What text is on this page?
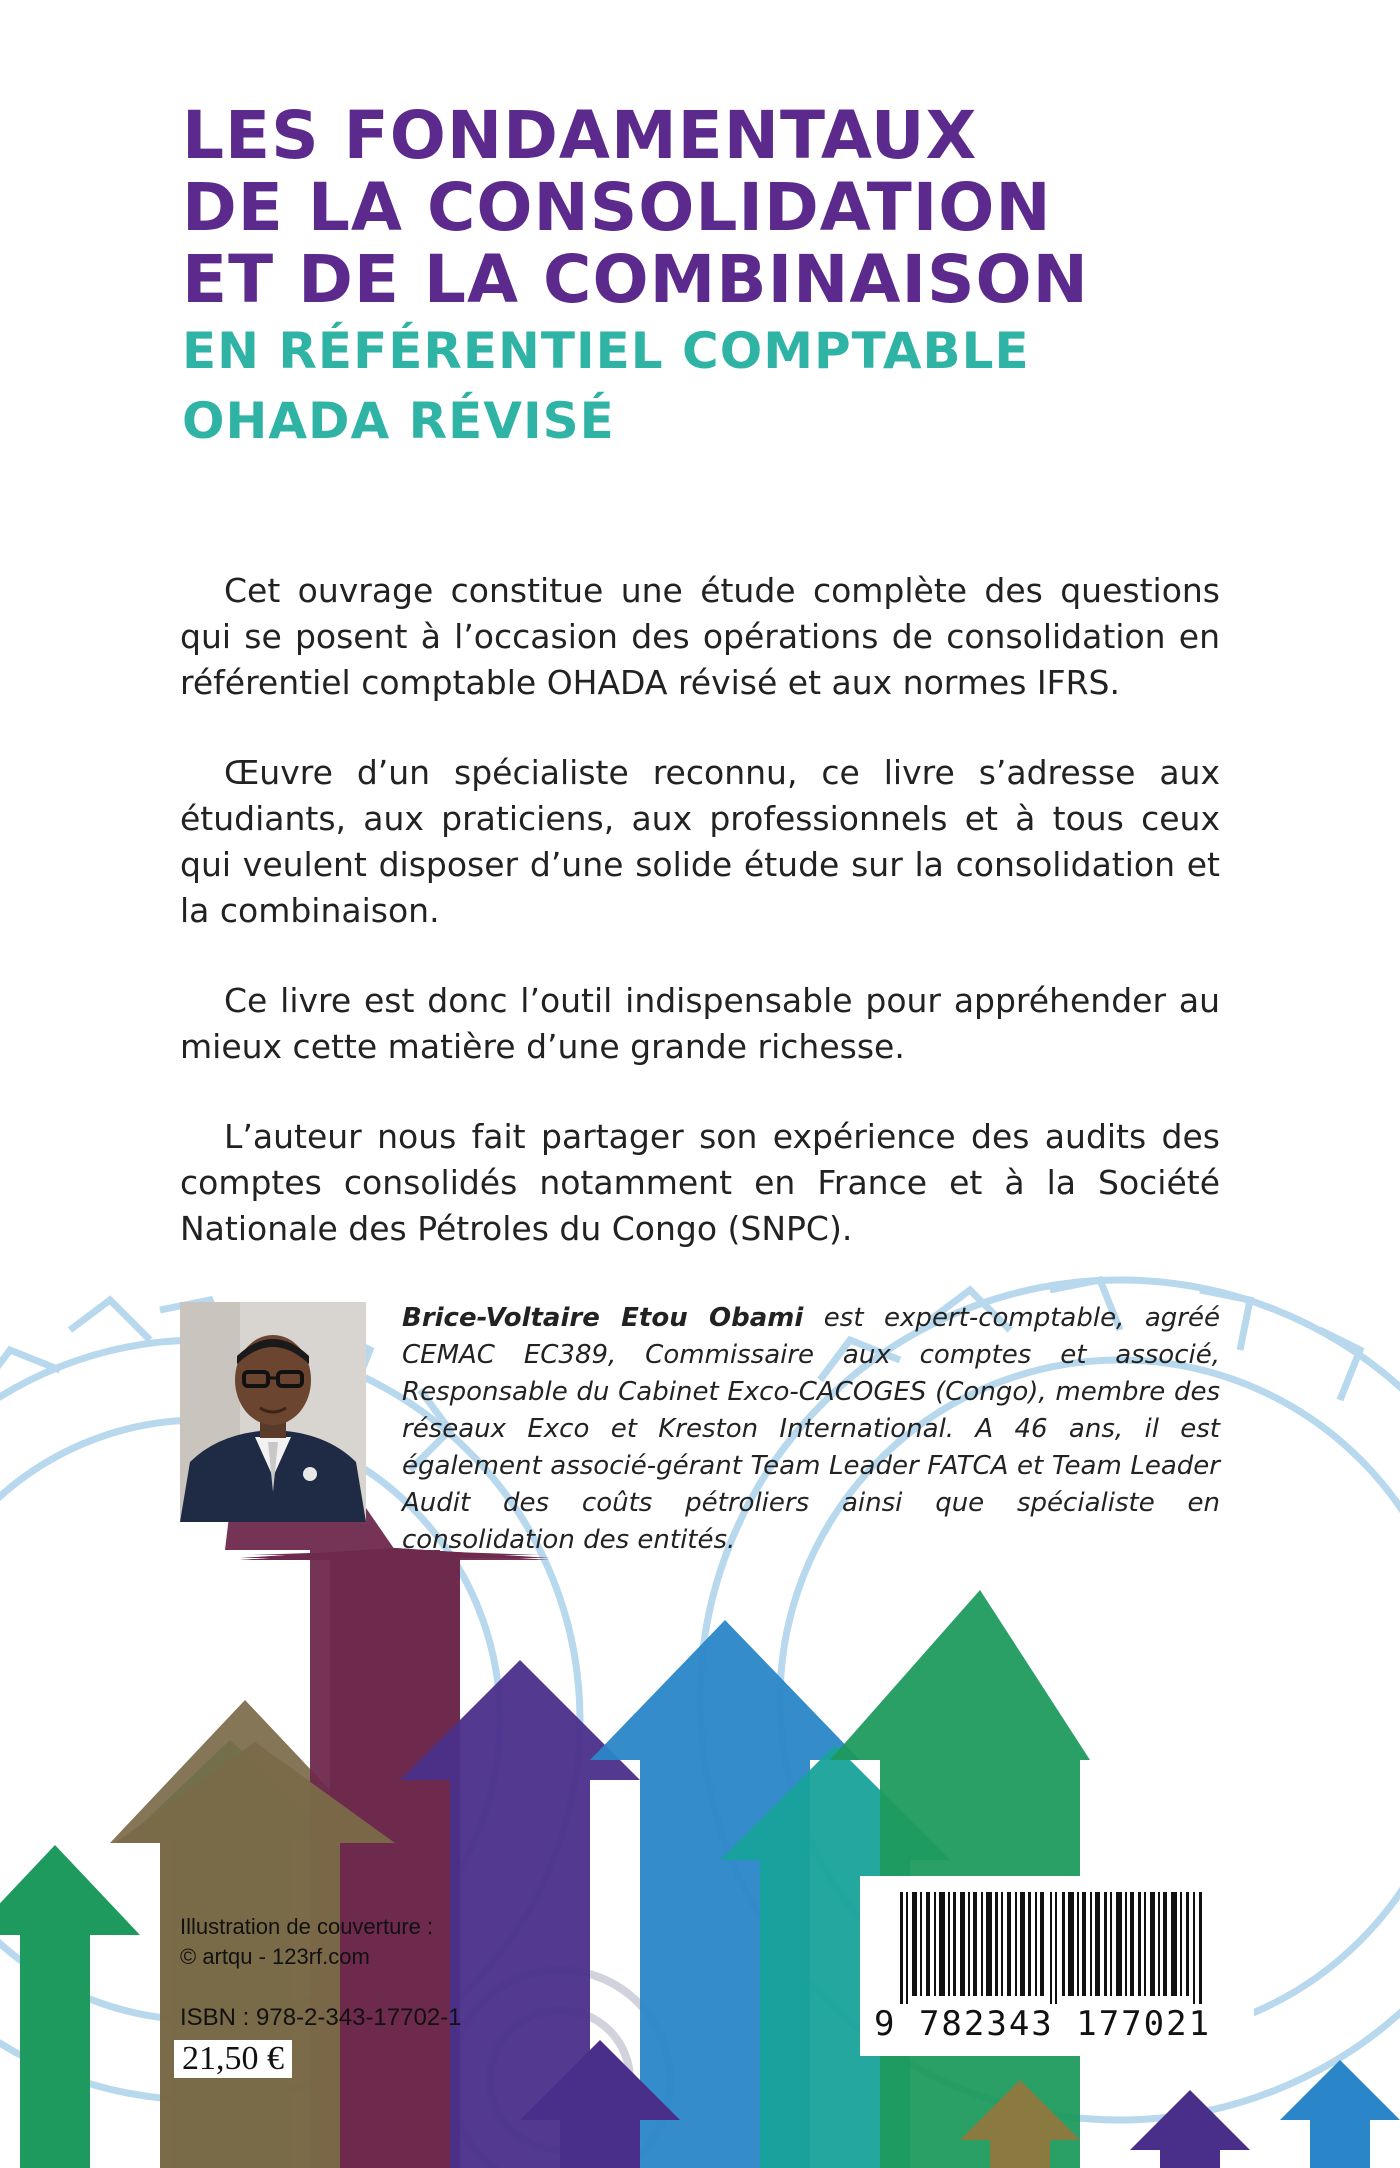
LES FONDAMENTAUX
DE LA CONSOLIDATION
ET DE LA COMBINAISON
EN RÉFÉRENTIEL COMPTABLE
OHADA RÉVISÉ

Cet ouvrage constitue une étude complète des questions qui se posent à l’occasion des opérations de consolidation en référentiel comptable OHADA révisé et aux normes IFRS.

Œuvre d’un spécialiste reconnu, ce livre s’adresse aux étudiants, aux praticiens, aux professionnels et à tous ceux qui veulent disposer d’une solide étude sur la consolidation et la combinaison.

Ce livre est donc l’outil indispensable pour appréhender au mieux cette matière d’une grande richesse.

L’auteur nous fait partager son expérience des audits des comptes consolidés notamment en France et à la Société Nationale des Pétroles du Congo (SNPC).

Brice-Voltaire Etou Obami est expert-comptable, agréé CEMAC EC389, Commissaire aux comptes et associé, Responsable du Cabinet Exco-CACOGES (Congo), membre des réseaux Exco et Kreston International. A 46 ans, il est également associé-gérant Team Leader FATCA et Team Leader Audit des coûts pétroliers ainsi que spécialiste en consolidation des entités.

Illustration de couverture :
© artqu - 123rf.com
ISBN : 978-2-343-17702-1
21,50 €
9 782343 177021
